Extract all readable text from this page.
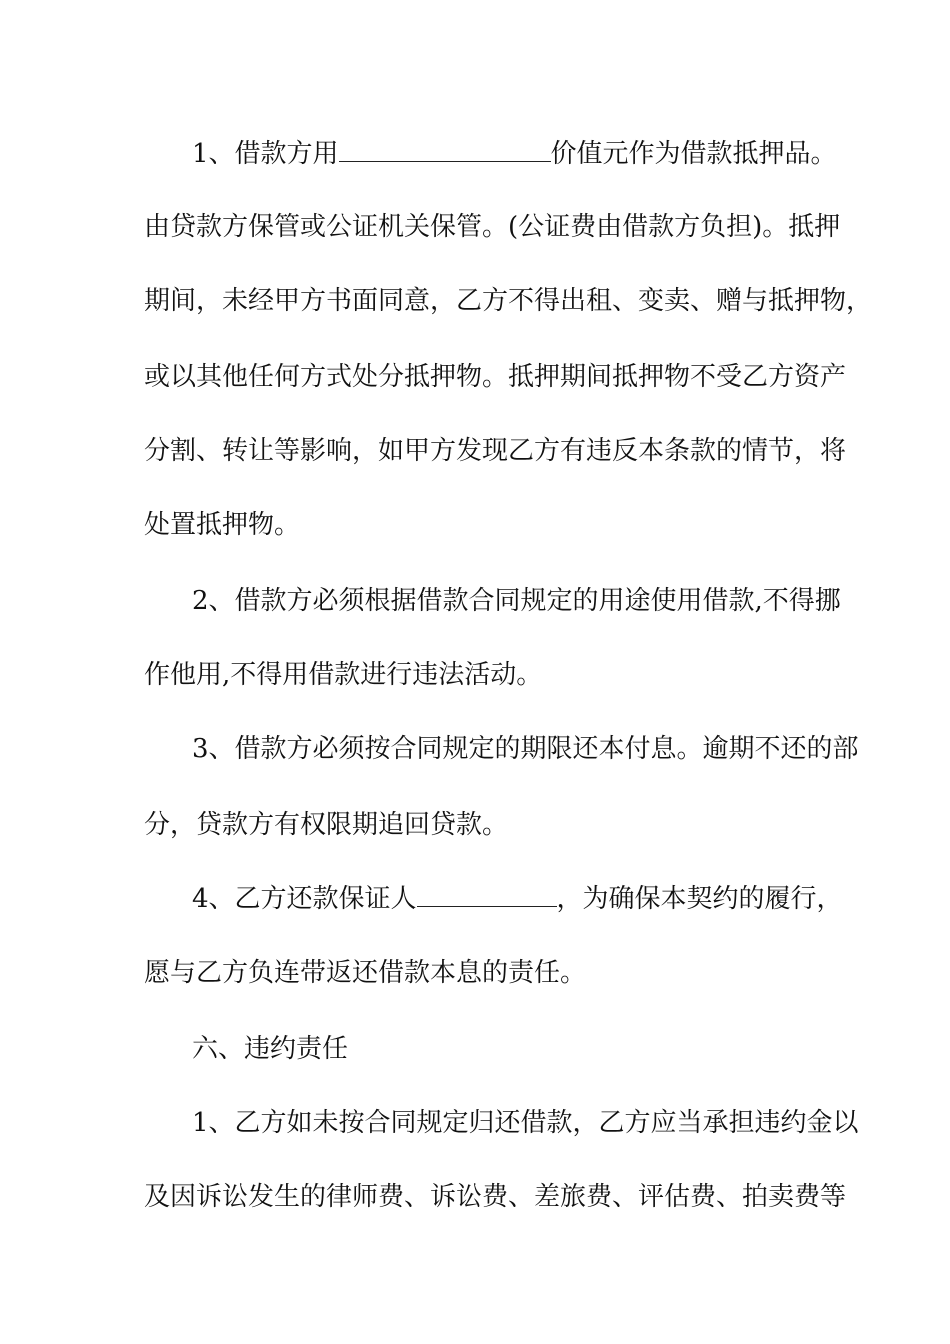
1、借款方用	价值元作为借款抵押品。

由贷款方保管或公证机关保管。(公证费由借款方负担)。抵押

期间，未经甲方书面同意，乙方不得出租、变卖、赠与抵押物，

或以其他任何方式处分抵押物。抵押期间抵押物不受乙方资产

分割、转让等影响，如甲方发现乙方有违反本条款的情节，将

处置抵押物。

2、借款方必须根据借款合同规定的用途使用借款,不得挪

作他用,不得用借款进行违法活动。

3、借款方必须按合同规定的期限还本付息。逾期不还的部

分，贷款方有权限期追回贷款。

4、乙方还款保证人	，为确保本契约的履行，

愿与乙方负连带返还借款本息的责任。

六、违约责任

1、乙方如未按合同规定归还借款，乙方应当承担违约金以

及因诉讼发生的律师费、诉讼费、差旅费、评估费、拍卖费等
